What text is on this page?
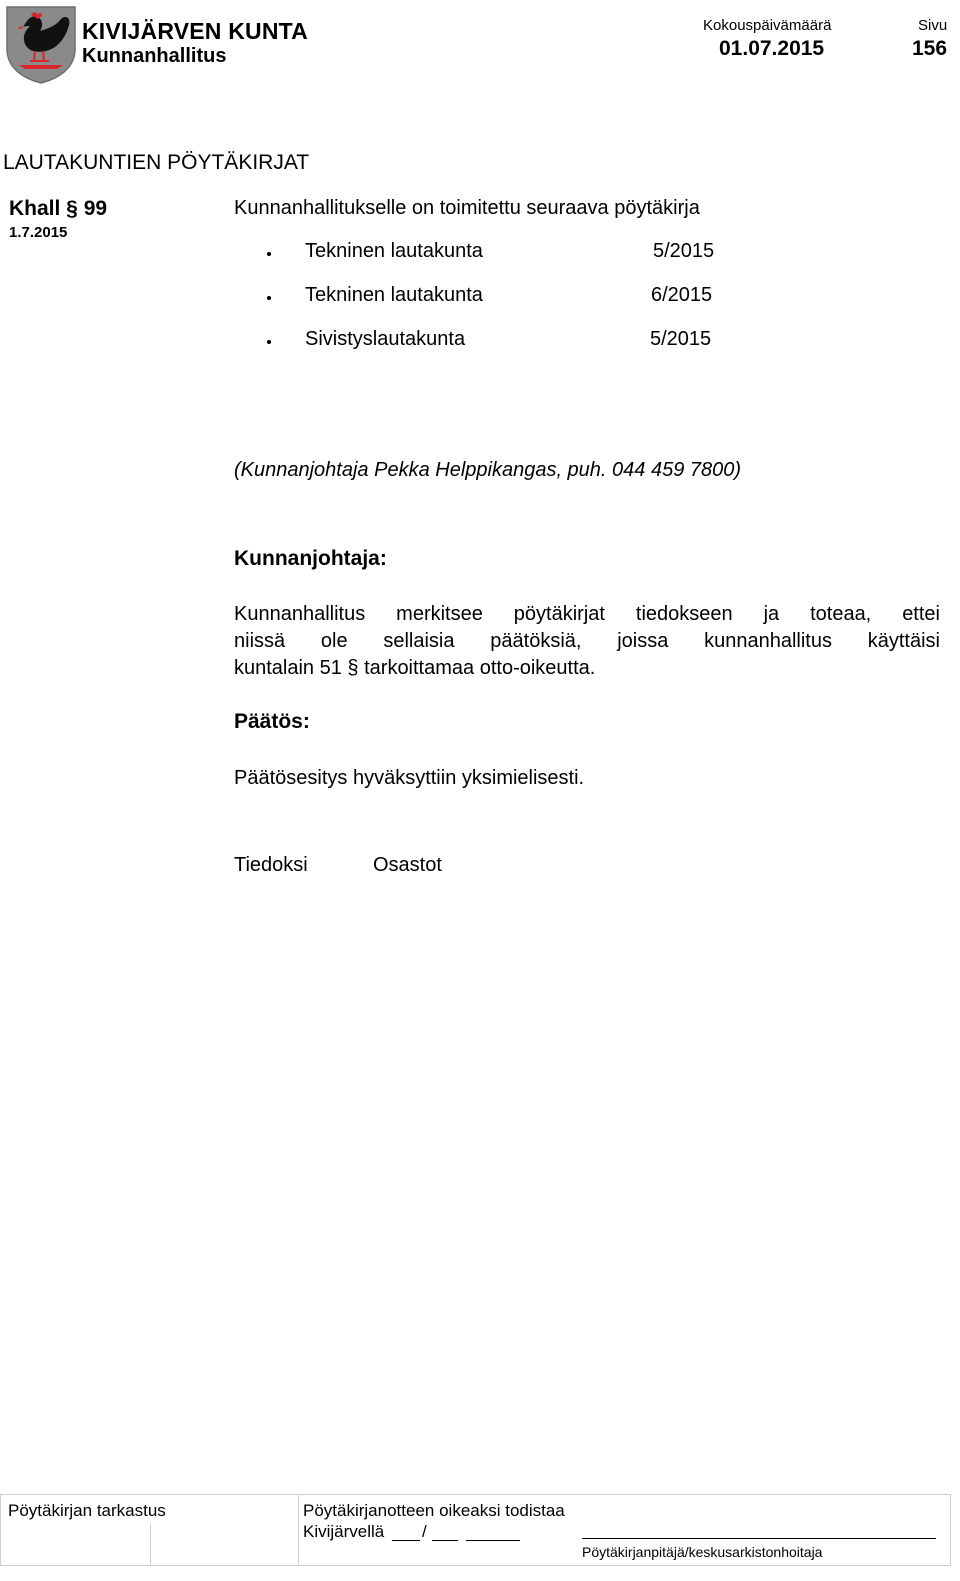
KIVIJÄRVEN KUNTA
Kunnanhallitus
Kokouspäivämäärä
01.07.2015
Sivu
156
LAUTAKUNTIEN PÖYTÄKIRJAT
Khall § 99
1.7.2015
Kunnanhallitukselle on toimitettu seuraava pöytäkirja
Tekninen lautakunta	5/2015
Tekninen lautakunta	6/2015
Sivistyslautakunta	5/2015
(Kunnanjohtaja Pekka Helppikangas, puh. 044 459 7800)
Kunnanjohtaja:
Kunnanhallitus merkitsee pöytäkirjat tiedokseen ja toteaa, ettei
niissä ole sellaisia päätöksiä, joissa kunnanhallitus käyttäisi
kuntalain 51 § tarkoittamaa otto-oikeutta.
Päätös:
Päätösesitys hyväksyttiin yksimielisesti.
Tiedoksi	Osastot
Pöytäkirjan tarkastus	Pöytäkirjanotteen oikeaksi todistaa
Kivijärvellä /
Pöytäkirjanpitäjä/keskusarkistonhoitaja
